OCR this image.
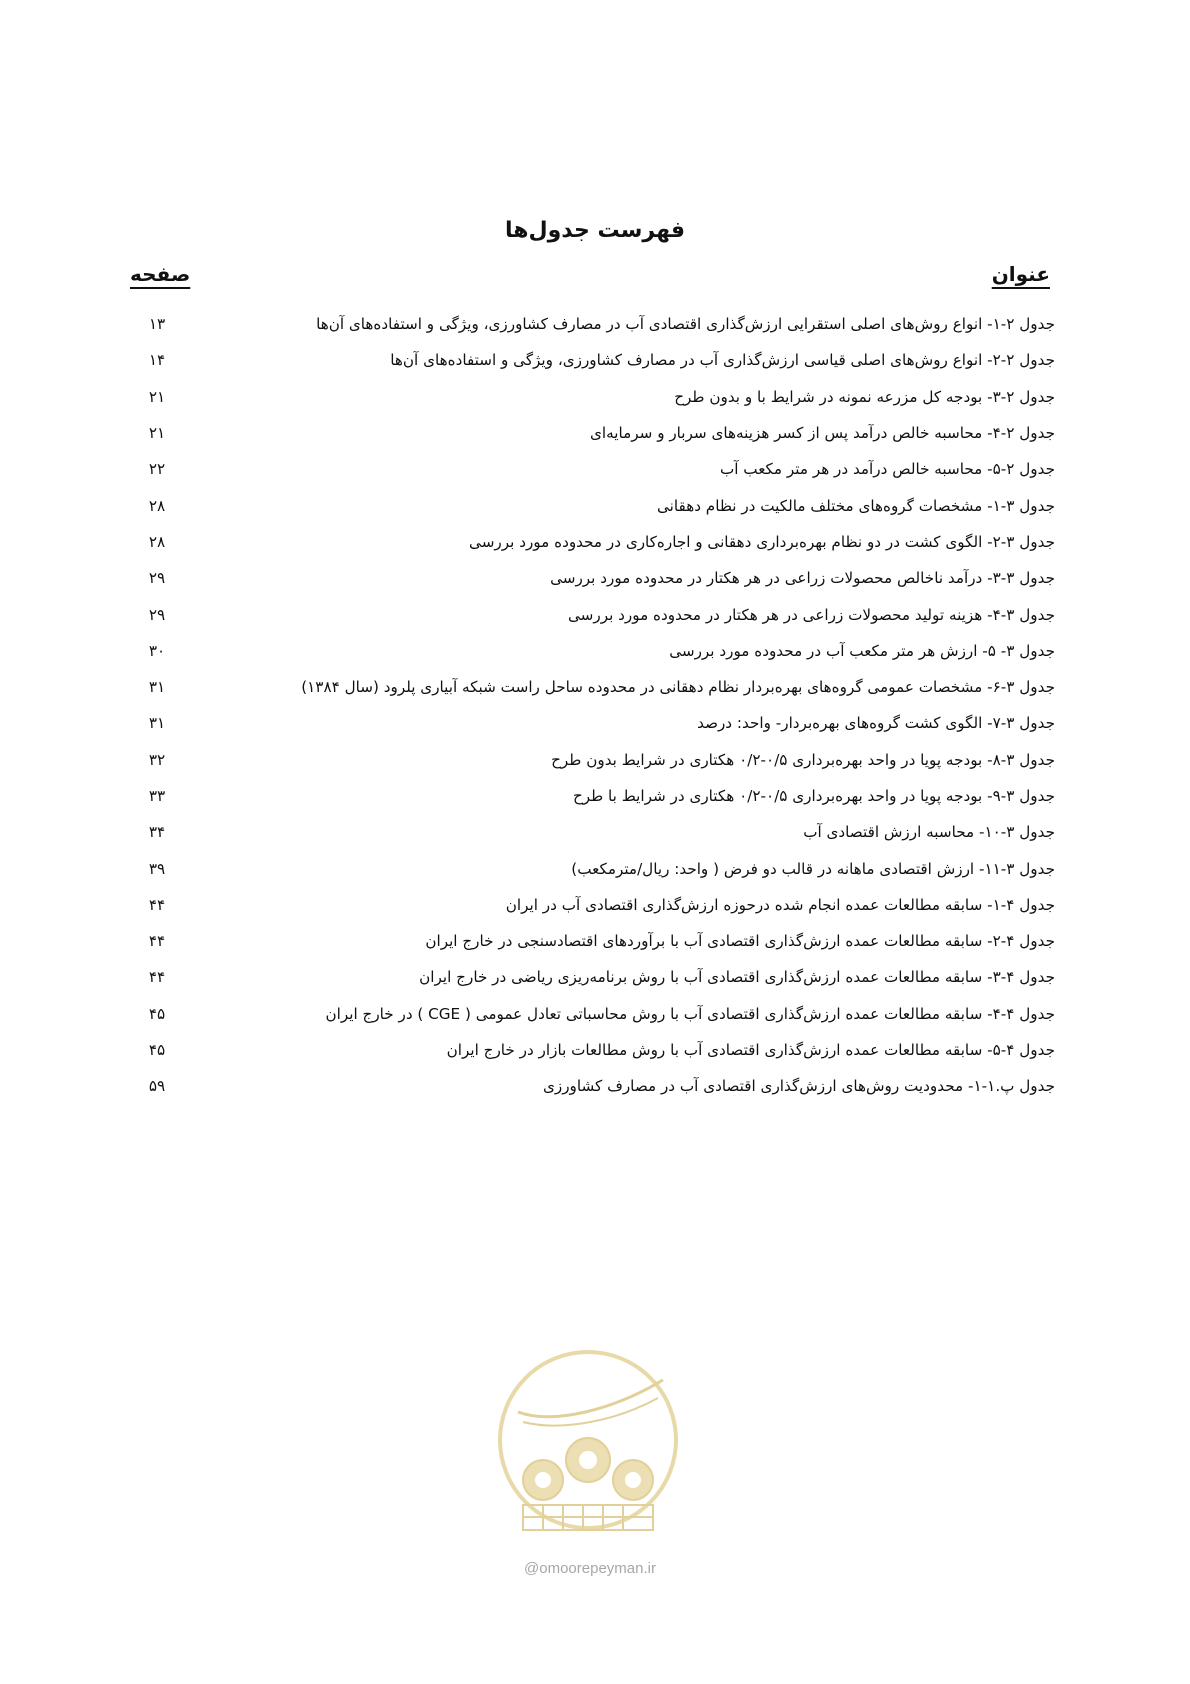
فهرست جدول‌ها
عنوان
صفحه
جدول ۲-۱- انواع روش‌های اصلی استقرایی ارزش‌گذاری اقتصادی آب در مصارف کشاورزی، ویژگی و استفاده‌های آن‌ها
۱۳
جدول ۲-۲- انواع روش‌های اصلی قیاسی ارزش‌گذاری آب در مصارف کشاورزی، ویژگی و استفاده‌های آن‌ها
۱۴
جدول ۲-۳- بودجه کل مزرعه نمونه در شرایط با و بدون طرح
۲۱
جدول ۲-۴- محاسبه خالص درآمد پس از کسر هزینه‌های سربار و سرمایه‌ای
۲۱
جدول ۲-۵- محاسبه خالص درآمد در هر متر مکعب آب
۲۲
جدول ۳-۱- مشخصات گروه‌های مختلف مالکیت در نظام دهقانی
۲۸
جدول ۳-۲- الگوی کشت در دو نظام بهره‌برداری دهقانی و اجاره‌کاری در محدوده مورد بررسی
۲۸
جدول ۳-۳- درآمد ناخالص محصولات زراعی در هر هکتار در محدوده مورد بررسی
۲۹
جدول ۳-۴- هزینه تولید محصولات زراعی در هر هکتار در محدوده مورد بررسی
۲۹
جدول ۳- ۵- ارزش هر متر مکعب آب در محدوده مورد بررسی
۳۰
جدول ۳-۶- مشخصات عمومی گروه‌های بهره‌بردار نظام دهقانی در محدوده ساحل راست شبکه آبیاری پلرود (سال ۱۳۸۴)
۳۱
جدول ۳-۷- الگوی کشت گروه‌های بهره‌بردار- واحد: درصد
۳۱
جدول ۳-۸- بودجه پویا در واحد بهره‌برداری ۰/۵-۰/۲ هکتاری در شرایط بدون طرح
۳۲
جدول ۳-۹- بودجه پویا در واحد بهره‌برداری ۰/۵-۰/۲ هکتاری در شرایط با طرح
۳۳
جدول ۳-۱۰- محاسبه ارزش اقتصادی آب
۳۴
جدول ۳-۱۱- ارزش اقتصادی ماهانه در قالب دو فرض ( واحد: ریال/مترمکعب)
۳۹
جدول ۴-۱- سابقه مطالعات عمده انجام شده درحوزه ارزش‌گذاری اقتصادی آب در ایران
۴۴
جدول ۴-۲- سابقه مطالعات عمده ارزش‌گذاری اقتصادی آب با برآوردهای اقتصادسنجی در خارج ایران
۴۴
جدول ۴-۳- سابقه مطالعات عمده ارزش‌گذاری اقتصادی آب با روش برنامه‌ریزی ریاضی در خارج ایران
۴۴
جدول ۴-۴- سابقه مطالعات عمده ارزش‌گذاری اقتصادی آب با روش محاسباتی تعادل عمومی ( CGE ) در خارج ایران
۴۵
جدول ۴-۵- سابقه مطالعات عمده ارزش‌گذاری اقتصادی آب با روش مطالعات بازار در خارج ایران
۴۵
جدول پ.۱-۱- محدودیت روش‌های ارزش‌گذاری اقتصادی آب در مصارف کشاورزی
۵۹
@omoorepeyman.ir
